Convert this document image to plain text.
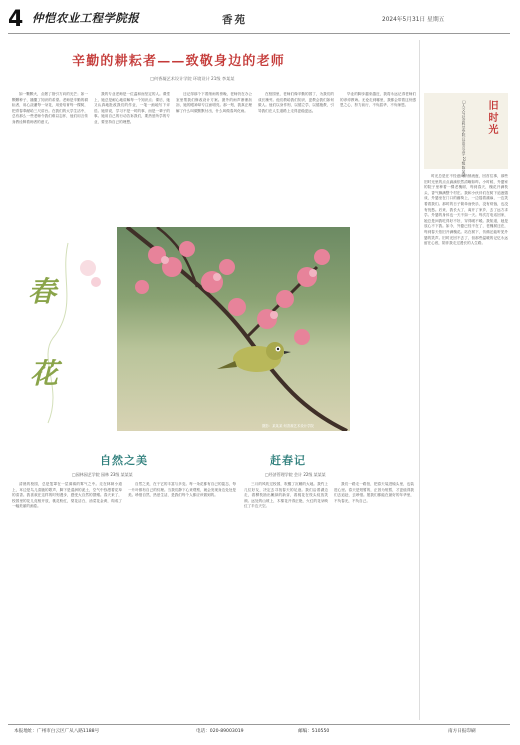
4 仲恺农业工程学院报	香苑	2024年5月31日 星期五
辛勤的耕耘者——致敬身边的老师
□何香凝艺术设计学院 环境设计 21级 李某某

如一颗颗火，点燃了指引方向的光芒；如一颗颗种子，播撒了知识的希望。老师是辛勤的耕耘者，用心浇灌每一朵花，用爱培育每一棵树，把青春奉献给三尺讲台。在我们的大学生活中，总有那么一些老师令我们难以忘怀，他们用言传身教诠释着师者的意义。

我的专业老师是一位温和而坚定的人。课堂上，她总是耐心地讲解每一个知识点；课后，她又认真地批改我们的作业，一笔一画地写下评语。她常说，学习不是一时的事，而是一辈子的事。她用自己的行动告诉我们，要热爱所学的专业，要坚持自己的理想。

还记得那个下着细雨的傍晚，老师仍在办公室里帮我们修改设计方案。窗外的雨声淅淅沥沥，她的眼神却专注而明亮。那一刻，我真正理解了什么叫做默默付出，什么叫做春风化雨。

在校园里，老师们像辛勤的园丁，为我们的成长操劳。他们教给我们知识，更教会我们如何做人。他们以身作则，以德立学，以德施教，引导我们在人生道路上走得更稳更远。

毕业的脚步越来越近，我将永远记得老师们的谆谆教诲。无论走到哪里，我都会带着这份感恩之心，努力前行，不负韶华，不负师恩。	旧时光
□人文与社会科学学院 汉语言文学 22级 陈某某

时光总是在不经意间悄悄流逝，回首往事，那些旧时光里的点点滴滴依然清晰如昨。小时候，外婆家的院子里种着一棵老槐树，每到春天，槐花开满枝头，香气飘满整个村庄。我和小伙伴们在树下追逐嬉戏，外婆坐在门口的藤椅上，一边摇着蒲扇，一边笑着看我们。那时的日子简单而快乐，没有烦恼，也没有忧愁。后来，我长大了，离开了家乡，去了远方求学。外婆的身体也一天不如一天。每次打电话回家，她总是问我吃得好不好，穿得暖不暖。我知道，她是放心不下我。如今，外婆已经不在了，老槐树还在，每到春天依旧开满槐花。站在树下，仿佛还能听见外婆的笑声。旧时光回不去了，但那些温暖的记忆永远留在心底，陪伴我走过漫长的人生路。

春
花
摄影：某某某 何香凝艺术设计学院
自然之美
□园林园艺学院 园林 23级 某某某

清晨的校园，总是笼罩在一层薄薄的雾气之中。走在林荫小道上，耳边是鸟儿清脆的歌声，脚下是湿润的泥土，空气中弥漫着花草的清香。我喜欢在这样的时刻漫步，感受大自然的馈赠。春天来了，校园里的花儿竞相开放，桃花粉红，梨花洁白，油菜花金黄，构成了一幅美丽的画卷。

自然之美，在于它的丰富与多变。每一朵花都有自己的姿态，每一片叶都有自己的纹理。当我们静下心来观察，就会发现身边处处是美。珍惜自然，热爱生活，是我们每个人都应该做到的。

赶春记
□经济管理学院 会计 22级 某某某

三月的风吹过校园，吹醒了沉睡的大地。我约上几位好友，决定去寻找春天的足迹。我们沿着湖边走，看柳枝抽出嫩绿的新芽，看桃花在枝头绽放笑颜。远处的山坡上，木棉花开得正艳，火红的花朵映红了半边天空。

我们一路走一路拍，把春天装进镜头里，也装进心里。春天是短暂的，正因为短暂，才更值得我们去追赶，去珍惜。愿我们都能在最好的年华里，不负春光，不负自己。

本报地址：广州市白云区广从八路1188号	电话：020-89003019	邮编：510550	南方日报印刷
